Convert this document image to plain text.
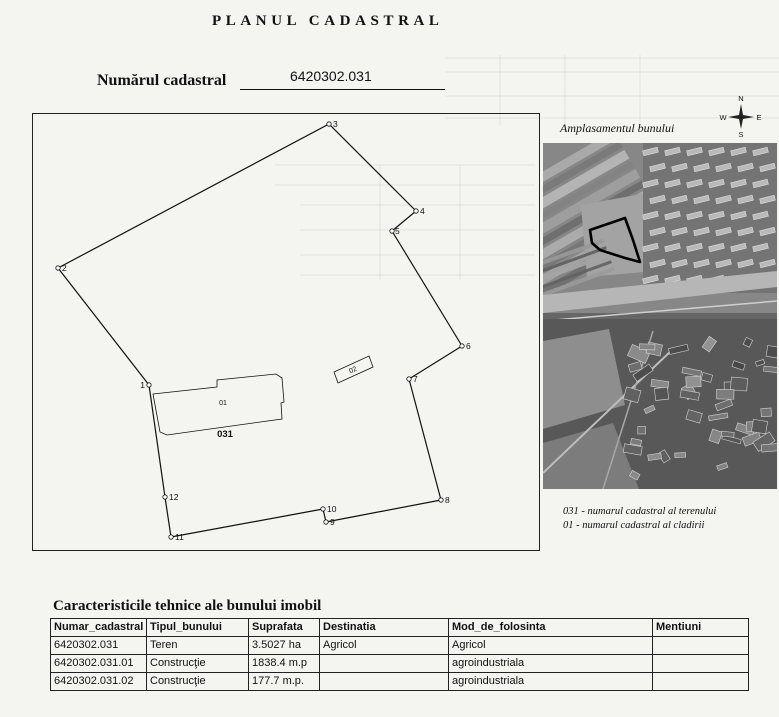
PLANUL CADASTRAL
Numărul cadastral	6420302.031
01
02
031
1
2
3
4
5
6
7
8
9
10
11
12
Amplasamentul bunului
N
S
W	E
031 - numarul cadastral al terenului
01 - numarul cadastral al cladirii
Caracteristicile tehnice ale bunului imobil
Numar_cadastral	Tipul_bunului	Suprafata	Destinatia	Mod_de_folosinta	Mentiuni
6420302.031	Teren	3.5027 ha	Agricol	Agricol	
6420302.031.01	Construcţie	1838.4 m.p		agroindustriala	
6420302.031.02	Construcţie	177.7 m.p.		agroindustriala	
